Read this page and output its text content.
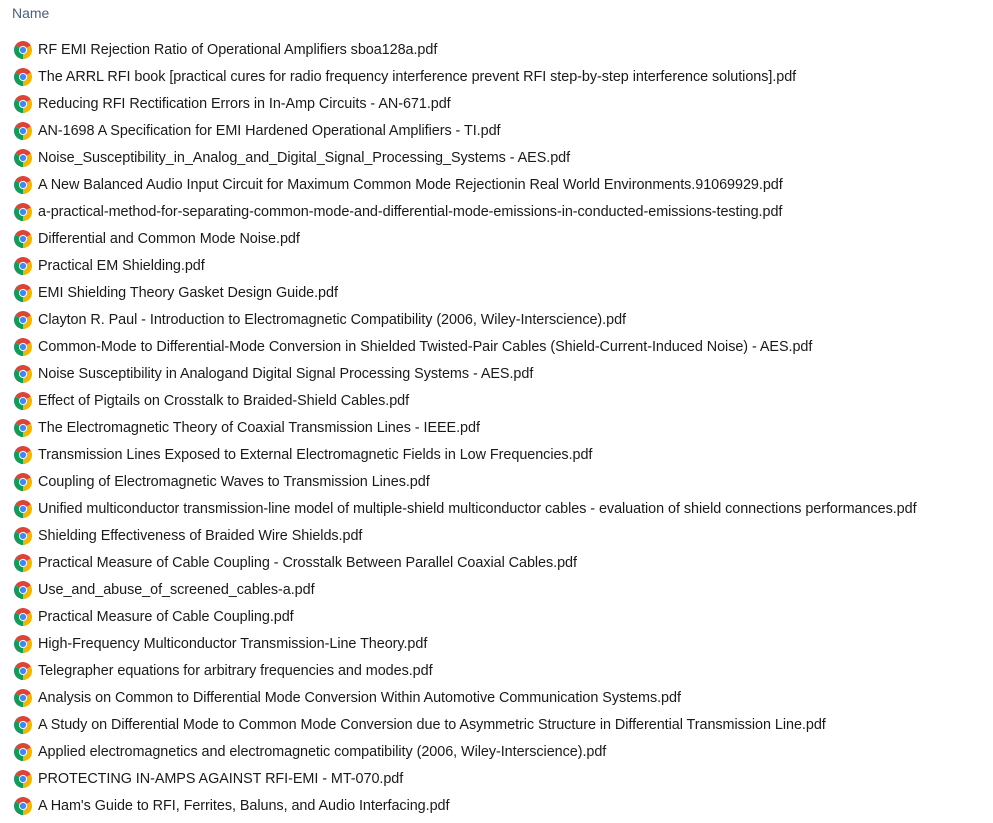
Name
RF EMI Rejection Ratio of Operational Amplifiers sboa128a.pdf
The ARRL RFI book [practical cures for radio frequency interference prevent RFI step-by-step interference solutions].pdf
Reducing RFI Rectification Errors in In-Amp Circuits - AN-671.pdf
AN-1698 A Specification for EMI Hardened Operational Amplifiers - TI.pdf
Noise_Susceptibility_in_Analog_and_Digital_Signal_Processing_Systems - AES.pdf
A New Balanced Audio Input Circuit for Maximum Common Mode Rejectionin Real World Environments.91069929.pdf
a-practical-method-for-separating-common-mode-and-differential-mode-emissions-in-conducted-emissions-testing.pdf
Differential and Common Mode Noise.pdf
Practical EM Shielding.pdf
EMI Shielding Theory Gasket Design Guide.pdf
Clayton R. Paul - Introduction to Electromagnetic Compatibility (2006, Wiley-Interscience).pdf
Common-Mode to Differential-Mode Conversion in Shielded Twisted-Pair Cables (Shield-Current-Induced Noise) - AES.pdf
Noise Susceptibility in Analogand Digital Signal Processing Systems - AES.pdf
Effect of Pigtails on Crosstalk to Braided-Shield Cables.pdf
The Electromagnetic Theory of Coaxial Transmission Lines - IEEE.pdf
Transmission Lines Exposed to External Electromagnetic Fields in Low Frequencies.pdf
Coupling of Electromagnetic Waves to Transmission Lines.pdf
Unified multiconductor transmission-line model of multiple-shield multiconductor cables - evaluation of shield connections performances.pdf
Shielding Effectiveness of Braided Wire Shields.pdf
Practical Measure of Cable Coupling - Crosstalk Between Parallel Coaxial Cables.pdf
Use_and_abuse_of_screened_cables-a.pdf
Practical Measure of Cable Coupling.pdf
High-Frequency Multiconductor Transmission-Line Theory.pdf
Telegrapher equations for arbitrary frequencies and modes.pdf
Analysis on Common to Differential Mode Conversion Within Automotive Communication Systems.pdf
A Study on Differential Mode to Common Mode Conversion due to Asymmetric Structure in Differential Transmission Line.pdf
Applied electromagnetics and electromagnetic compatibility (2006, Wiley-Interscience).pdf
PROTECTING IN-AMPS AGAINST RFI-EMI - MT-070.pdf
A Ham's Guide to RFI, Ferrites, Baluns, and Audio Interfacing.pdf
